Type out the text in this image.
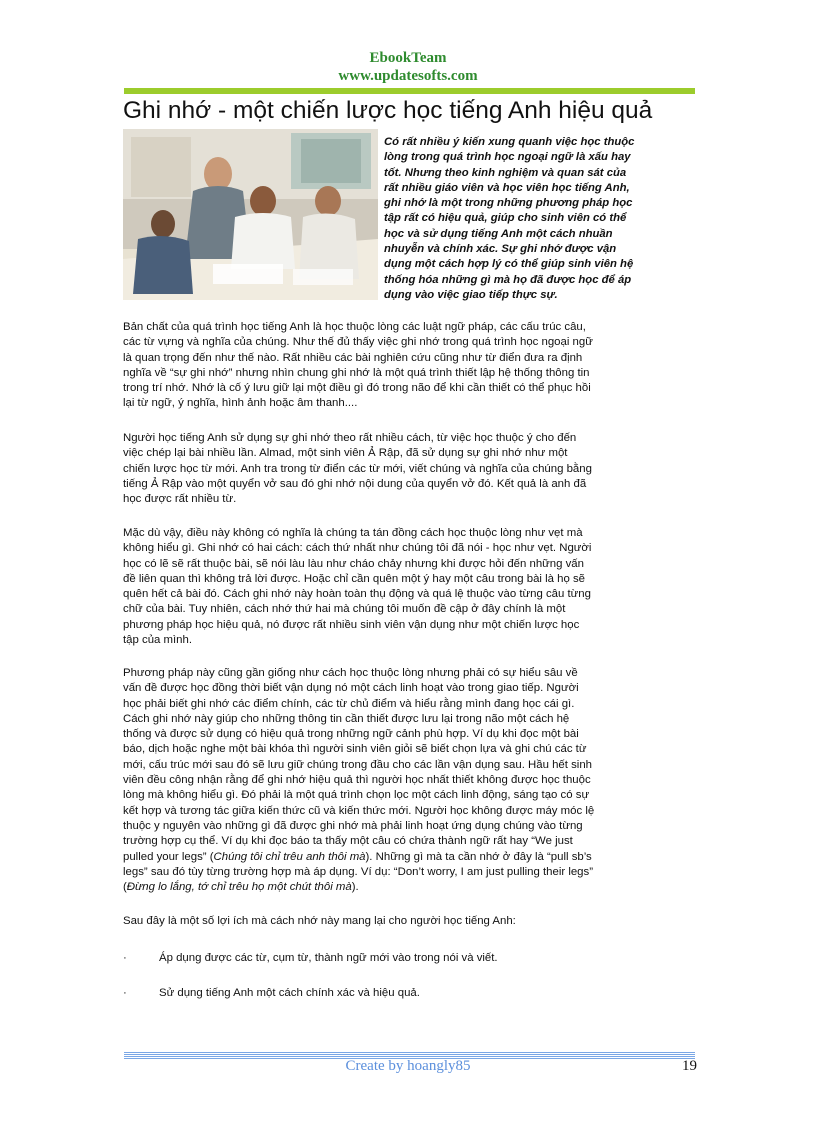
EbookTeam
www.updatesofts.com
Ghi nhớ - một chiến lược học tiếng Anh hiệu quả
Có rất nhiều ý kiến xung quanh việc học thuộc
lòng trong quá trình học ngoại ngữ là xấu hay
tốt. Nhưng theo kinh nghiệm và quan sát của
rất nhiều giáo viên và học viên học tiếng Anh,
ghi nhớ là một trong những phương pháp học
tập rất có hiệu quả, giúp cho sinh viên có thể
học và sử dụng tiếng Anh một cách nhuần
nhuyễn và chính xác. Sự ghi nhớ được vận
dụng một cách hợp lý có thể giúp sinh viên hệ
thống hóa những gì mà họ đã được học để áp
dụng vào việc giao tiếp thực sự.
Bản chất của quá trình học tiếng Anh là học thuộc lòng các luật ngữ pháp, các cấu trúc câu,
các từ vựng và nghĩa của chúng. Như thế đủ thấy việc ghi nhớ trong quá trình học ngoại ngữ
là quan trọng đến như thế nào. Rất nhiều các bài nghiên cứu cũng như từ điển đưa ra định
nghĩa về “sự ghi nhớ” nhưng nhìn chung ghi nhớ là một quá trình thiết lập hệ thống thông tin
trong trí nhớ. Nhớ là cố ý lưu giữ lại một điều gì đó trong não để khi cần thiết có thể phục hồi
lại từ ngữ, ý nghĩa, hình ảnh hoặc âm thanh....
Người học tiếng Anh sử dụng sự ghi nhớ theo rất nhiều cách, từ việc học thuộc ý cho đến
việc chép lại bài nhiều lần. Almad, một sinh viên Ả Rập, đã sử dụng sự ghi nhớ như một
chiến lược học từ mới. Anh tra trong từ điển các từ mới, viết chúng và nghĩa của chúng bằng
tiếng Ả Rập vào một quyển vở sau đó ghi nhớ nội dung của quyển vở đó. Kết quả là anh đã
học được rất nhiều từ.
Mặc dù vậy, điều này không có nghĩa là chúng ta tán đồng cách học thuộc lòng như vẹt mà
không hiểu gì. Ghi nhớ có hai cách: cách thứ nhất như chúng tôi đã nói - học như vẹt. Người
học có lẽ sẽ rất thuộc bài, sẽ nói làu làu như cháo chảy nhưng khi được hỏi đến những vấn
đề liên quan thì không trả lời được. Hoặc chỉ cần quên một ý hay một câu trong bài là họ sẽ
quên hết cả bài đó. Cách ghi nhớ này hoàn toàn thụ động và quá lệ thuộc vào từng câu từng
chữ của bài. Tuy nhiên, cách nhớ thứ hai mà chúng tôi muốn đề cập ở đây chính là một
phương pháp học hiệu quả, nó được rất nhiều sinh viên vận dụng như một chiến lược học
tập của mình.
Phương pháp này cũng gần giống như cách học thuộc lòng nhưng phải có sự hiểu sâu về
vấn đề được học đồng thời biết vận dụng nó một cách linh hoạt vào trong giao tiếp. Người
học phải biết ghi nhớ các điểm chính, các từ chủ điểm và hiểu rằng mình đang học cái gì.
Cách ghi nhớ này giúp cho những thông tin cần thiết được lưu lại trong não một cách hệ
thống và được sử dụng có hiệu quả trong những ngữ cảnh phù hợp. Ví dụ khi đọc một bài
báo, dịch hoặc nghe một bài khóa thì người sinh viên giỏi sẽ biết chọn lựa và ghi chú các từ
mới, cấu trúc mới sau đó sẽ lưu giữ chúng trong đầu cho các lần vận dụng sau. Hầu hết sinh
viên đều công nhận rằng để ghi nhớ hiệu quả thì người học nhất thiết không được học thuộc
lòng mà không hiểu gì. Đó phải là một quá trình chọn lọc một cách linh động, sáng tạo có sự
kết hợp và tương tác giữa kiến thức cũ và kiến thức mới. Người học không được máy móc lệ
thuộc y nguyên vào những gì đã được ghi nhớ mà phải linh hoạt ứng dụng chúng vào từng
trường hợp cụ thể. Ví dụ khi đọc báo ta thấy một câu có chứa thành ngữ rất hay “We just
pulled your legs” (Chúng tôi chỉ trêu anh thôi mà). Những gì mà ta cần nhớ ở đây là “pull sb’s
legs” sau đó tùy từng trường hợp mà áp dụng. Ví dụ: “Don’t worry, I am just pulling their legs”
(Đừng lo lắng, tớ chỉ trêu họ một chút thôi mà).
Sau đây là một số lợi ích mà cách nhớ này mang lại cho người học tiếng Anh:
·	Áp dụng được các từ, cụm từ, thành ngữ mới vào trong nói và viết.
·	Sử dụng tiếng Anh một cách chính xác và hiệu quả.
Create by hoangly85	19
